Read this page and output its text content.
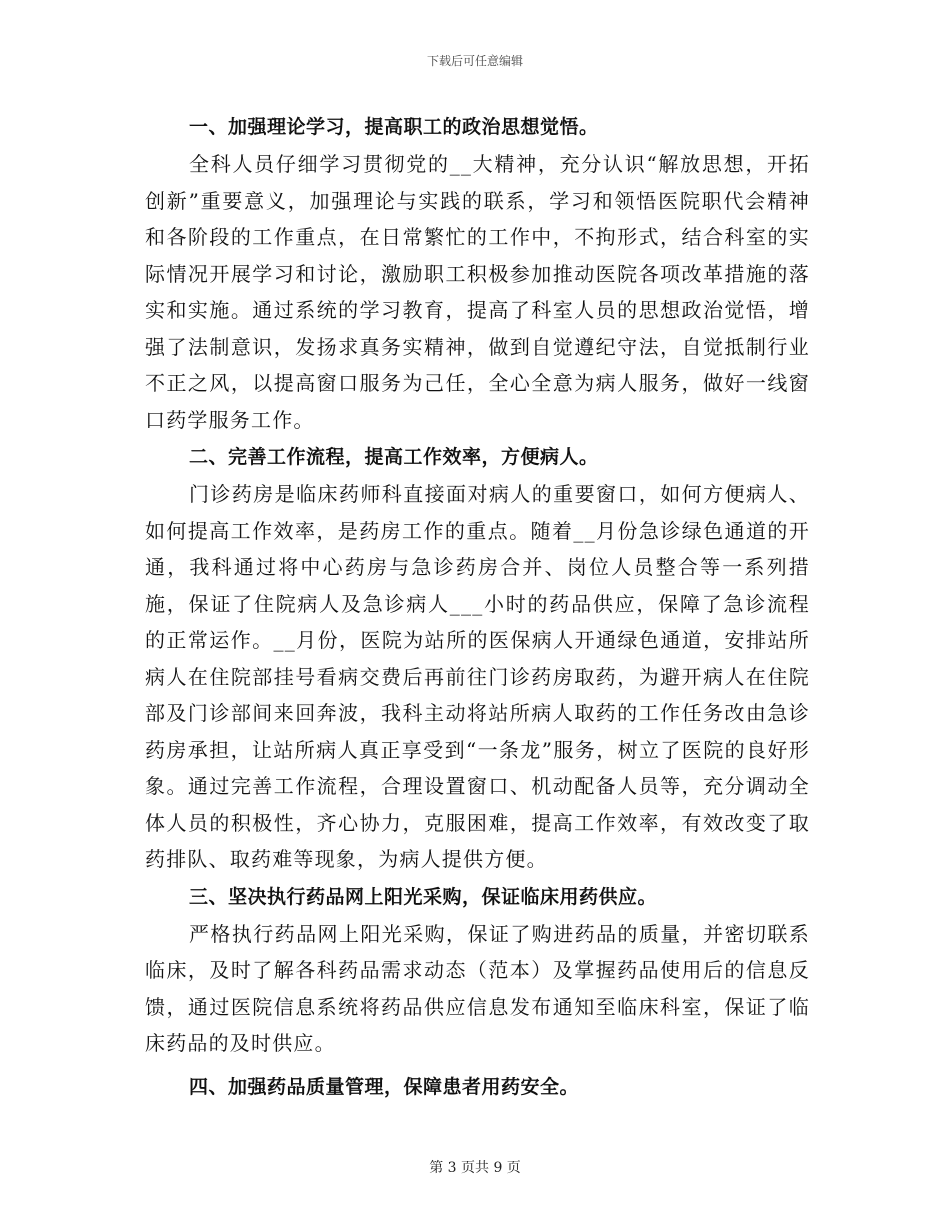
下载后可任意编辑
一、加强理论学习，提高职工的政治思想觉悟。

全科人员仔细学习贯彻党的__大精神，充分认识“解放思想，开拓创新”重要意义，加强理论与实践的联系，学习和领悟医院职代会精神和各阶段的工作重点，在日常繁忙的工作中，不拘形式，结合科室的实际情况开展学习和讨论，激励职工积极参加推动医院各项改革措施的落实和实施。通过系统的学习教育，提高了科室人员的思想政治觉悟，增强了法制意识，发扬求真务实精神，做到自觉遵纪守法，自觉抵制行业不正之风，以提高窗口服务为己任，全心全意为病人服务，做好一线窗口药学服务工作。

二、完善工作流程，提高工作效率，方便病人。

门诊药房是临床药师科直接面对病人的重要窗口，如何方便病人、如何提高工作效率，是药房工作的重点。随着__月份急诊绿色通道的开通，我科通过将中心药房与急诊药房合并、岗位人员整合等一系列措施，保证了住院病人及急诊病人___小时的药品供应，保障了急诊流程的正常运作。__月份，医院为站所的医保病人开通绿色通道，安排站所病人在住院部挂号看病交费后再前往门诊药房取药，为避开病人在住院部及门诊部间来回奔波，我科主动将站所病人取药的工作任务改由急诊药房承担，让站所病人真正享受到“一条龙”服务，树立了医院的良好形象。通过完善工作流程，合理设置窗口、机动配备人员等，充分调动全体人员的积极性，齐心协力，克服困难，提高工作效率，有效改变了取药排队、取药难等现象，为病人提供方便。

三、坚决执行药品网上阳光采购，保证临床用药供应。

严格执行药品网上阳光采购，保证了购进药品的质量，并密切联系临床，及时了解各科药品需求动态（范本）及掌握药品使用后的信息反馈，通过医院信息系统将药品供应信息发布通知至临床科室，保证了临床药品的及时供应。

四、加强药品质量管理，保障患者用药安全。
第 3 页共 9 页
